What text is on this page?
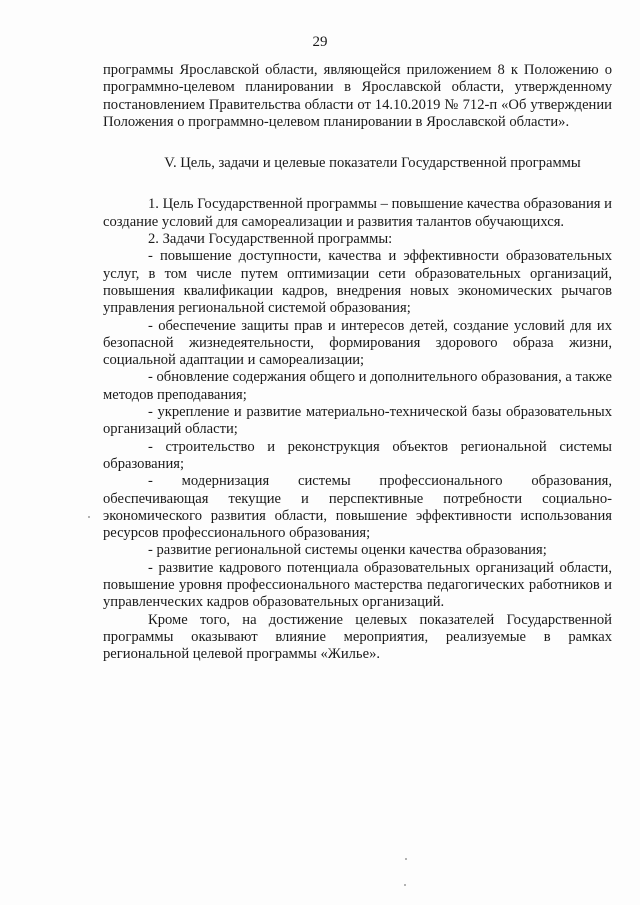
29

программы Ярославской области, являющейся приложением 8 к Положению о программно-целевом планировании в Ярославской области, утвержденному постановлением Правительства области от 14.10.2019 № 712-п «Об утверждении Положения о программно-целевом планировании в Ярославской области».

V. Цель, задачи и целевые показатели Государственной программы

1. Цель Государственной программы – повышение качества образования и создание условий для самореализации и развития талантов обучающихся.

2. Задачи Государственной программы:

- повышение доступности, качества и эффективности образовательных услуг, в том числе путем оптимизации сети образовательных организаций, повышения квалификации кадров, внедрения новых экономических рычагов управления региональной системой образования;

- обеспечение защиты прав и интересов детей, создание условий для их безопасной жизнедеятельности, формирования здорового образа жизни, социальной адаптации и самореализации;

- обновление содержания общего и дополнительного образования, а также методов преподавания;

- укрепление и развитие материально-технической базы образовательных организаций области;

- строительство и реконструкция объектов региональной системы образования;

- модернизация системы профессионального образования, обеспечивающая текущие и перспективные потребности социально-экономического развития области, повышение эффективности использования ресурсов профессионального образования;

- развитие региональной системы оценки качества образования;

- развитие кадрового потенциала образовательных организаций области, повышение уровня профессионального мастерства педагогических работников и управленческих кадров образовательных организаций.

Кроме того, на достижение целевых показателей Государственной программы оказывают влияние мероприятия, реализуемые в рамках региональной целевой программы «Жилье».
